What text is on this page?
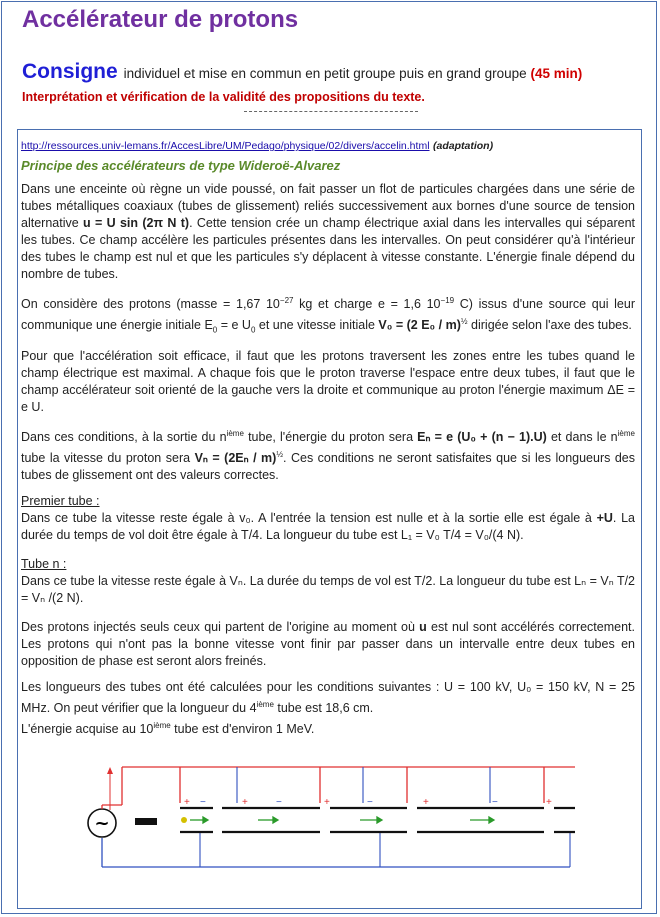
Accélérateur de protons
Consigne individuel et mise en commun en petit groupe puis en grand groupe (45 min)
Interprétation et vérification de la validité des propositions du texte.
http://ressources.univ-lemans.fr/AccesLibre/UM/Pedago/physique/02/divers/accelin.html (adaptation)
Principe des accélérateurs de type Wideroë-Alvarez

Dans une enceinte où règne un vide poussé, on fait passer un flot de particules chargées dans une série de tubes métalliques coaxiaux (tubes de glissement) reliés successivement aux bornes d'une source de tension alternative u = U sin (2π N t). Cette tension crée un champ électrique axial dans les intervalles qui séparent les tubes. Ce champ accélère les particules présentes dans les intervalles. On peut considérer qu'à l'intérieur des tubes le champ est nul et que les particules s'y déplacent à vitesse constante. L'énergie finale dépend du nombre de tubes.

On considère des protons (masse = 1,67 $10^{-27}$ kg et charge e = 1,6 $10^{-19}$ C) issus d'une source qui leur communique une énergie initiale $E_0 = e$ $U_0$ et une vitesse initiale V₀ = (2 E₀ / m)$^{\frac{1}{2}}$ dirigée selon l'axe des tubes.

Pour que l'accélération soit efficace, il faut que les protons traversent les zones entre les tubes quand le champ électrique est maximal. A chaque fois que le proton traverse l'espace entre deux tubes, il faut que le champ accélérateur soit orienté de la gauche vers la droite et communique au proton l'énergie maximum ΔE = e U.

Dans ces conditions, à la sortie du $n^{ième}$ tube, l'énergie du proton sera Eₙ = e (U₀ + (n − 1).U) et dans le $n^{ième}$ tube la vitesse du proton sera Vₙ = (2Eₙ / m)$^{\frac{1}{2}}$. Ces conditions ne seront satisfaites que si les longueurs des tubes de glissement ont des valeurs correctes.

Premier tube :
Dans ce tube la vitesse reste égale à v₀. A l'entrée la tension est nulle et à la sortie elle est égale à +U. La durée du temps de vol doit être égale à T/4. La longueur du tube est L₁ = V₀ T/4 = V₀/(4 N).

Tube n :
Dans ce tube la vitesse reste égale à Vₙ. La durée du temps de vol est T/2. La longueur du tube est Lₙ = Vₙ T/2 = Vₙ /(2 N).

Des protons injectés seuls ceux qui partent de l'origine au moment où u est nul sont accélérés correctement. Les protons qui n'ont pas la bonne vitesse vont finir par passer dans un intervalle entre deux tubes en opposition de phase est seront alors freinés.

Les longueurs des tubes ont été calculées pour les conditions suivantes : U = 100 kV, U₀ = 150 kV, N = 25 MHz. On peut vérifier que la longueur du 4ième tube est 18,6 cm.
L'énergie acquise au 10ième tube est d'environ 1 MeV.

~
+ −	+	−	+	−	+	−	+
